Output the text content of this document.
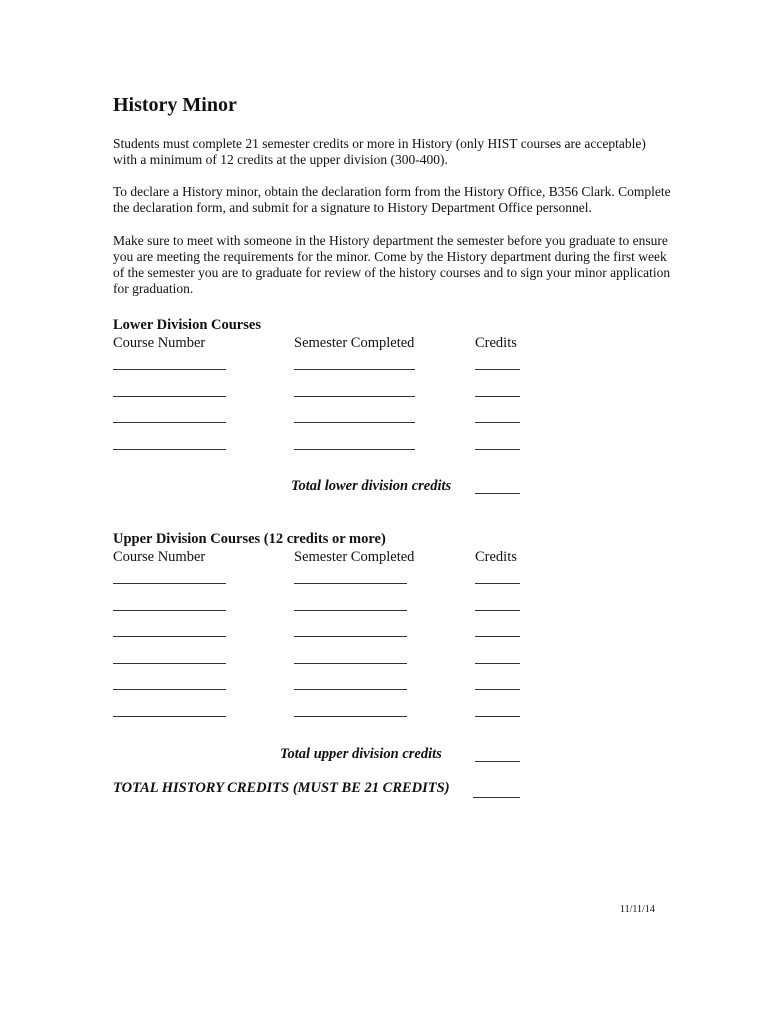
History Minor
Students must complete 21 semester credits or more in History (only HIST courses are acceptable) with a minimum of 12 credits at the upper division (300-400).
To declare a History minor, obtain the declaration form from the History Office, B356 Clark. Complete the declaration form, and submit for a signature to History Department Office personnel.
Make sure to meet with someone in the History department the semester before you graduate to ensure you are meeting the requirements for the minor. Come by the History department during the first week of the semester you are to graduate for review of the history courses and to sign your minor application for graduation.
Lower Division Courses
Course Number	Semester Completed	Credits
Total lower division credits
Upper Division Courses (12 credits or more)
Course Number	Semester Completed	Credits
Total upper division credits
TOTAL HISTORY CREDITS (MUST BE 21 CREDITS)
11/11/14
